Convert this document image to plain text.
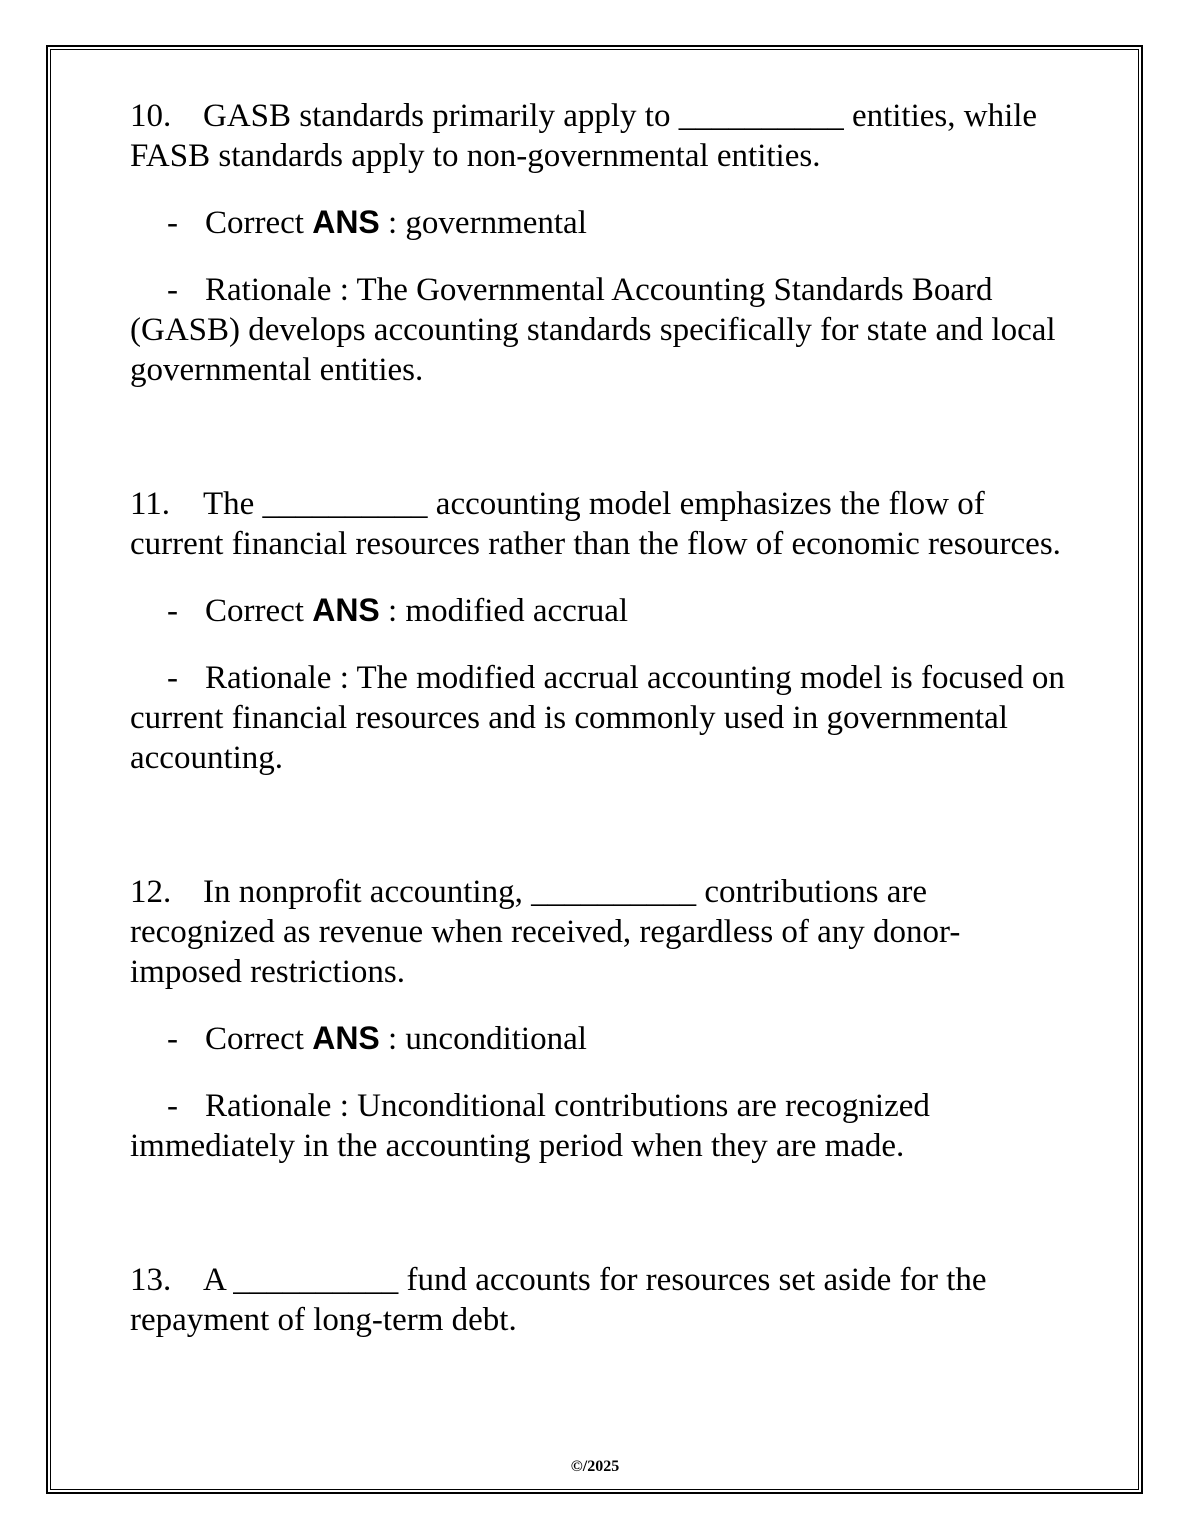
10. GASB standards primarily apply to __________ entities, while FASB standards apply to non-governmental entities.

- Correct ANS : governmental

- Rationale : The Governmental Accounting Standards Board (GASB) develops accounting standards specifically for state and local governmental entities.

11. The __________ accounting model emphasizes the flow of current financial resources rather than the flow of economic resources.

- Correct ANS : modified accrual

- Rationale : The modified accrual accounting model is focused on current financial resources and is commonly used in governmental accounting.

12. In nonprofit accounting, __________ contributions are recognized as revenue when received, regardless of any donor-imposed restrictions.

- Correct ANS : unconditional

- Rationale : Unconditional contributions are recognized immediately in the accounting period when they are made.

13. A __________ fund accounts for resources set aside for the repayment of long-term debt.

©/2025
